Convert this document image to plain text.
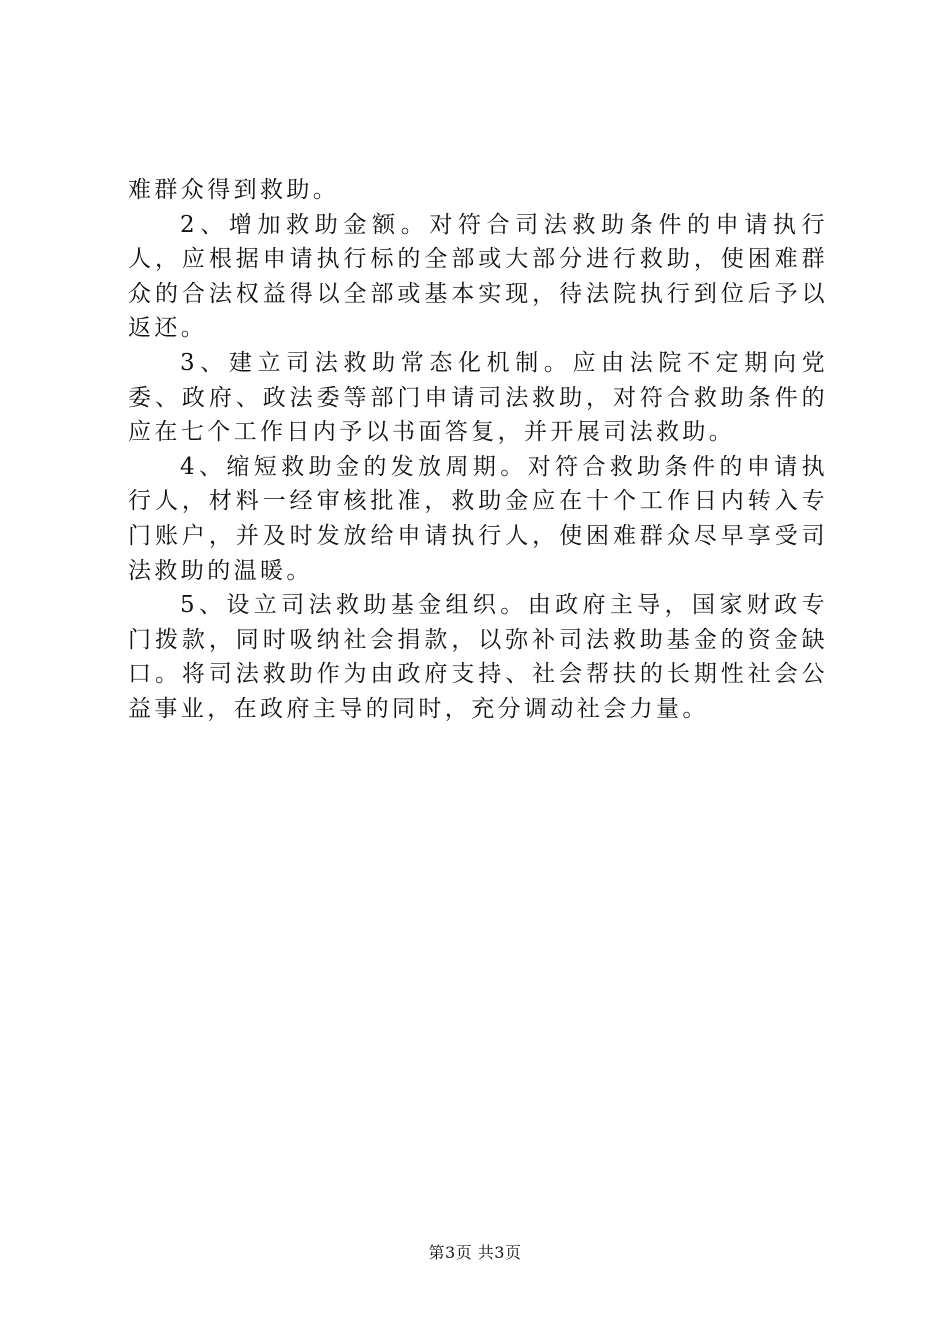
难群众得到救助。

2、增加救助金额。对符合司法救助条件的申请执行人，应根据申请执行标的全部或大部分进行救助，使困难群众的合法权益得以全部或基本实现，待法院执行到位后予以返还。

3、建立司法救助常态化机制。应由法院不定期向党委、政府、政法委等部门申请司法救助，对符合救助条件的应在七个工作日内予以书面答复，并开展司法救助。

4、缩短救助金的发放周期。对符合救助条件的申请执行人，材料一经审核批准，救助金应在十个工作日内转入专门账户，并及时发放给申请执行人，使困难群众尽早享受司法救助的温暖。

5、设立司法救助基金组织。由政府主导，国家财政专门拨款，同时吸纳社会捐款，以弥补司法救助基金的资金缺口。将司法救助作为由政府支持、社会帮扶的长期性社会公益事业，在政府主导的同时，充分调动社会力量。

第3页 共3页
